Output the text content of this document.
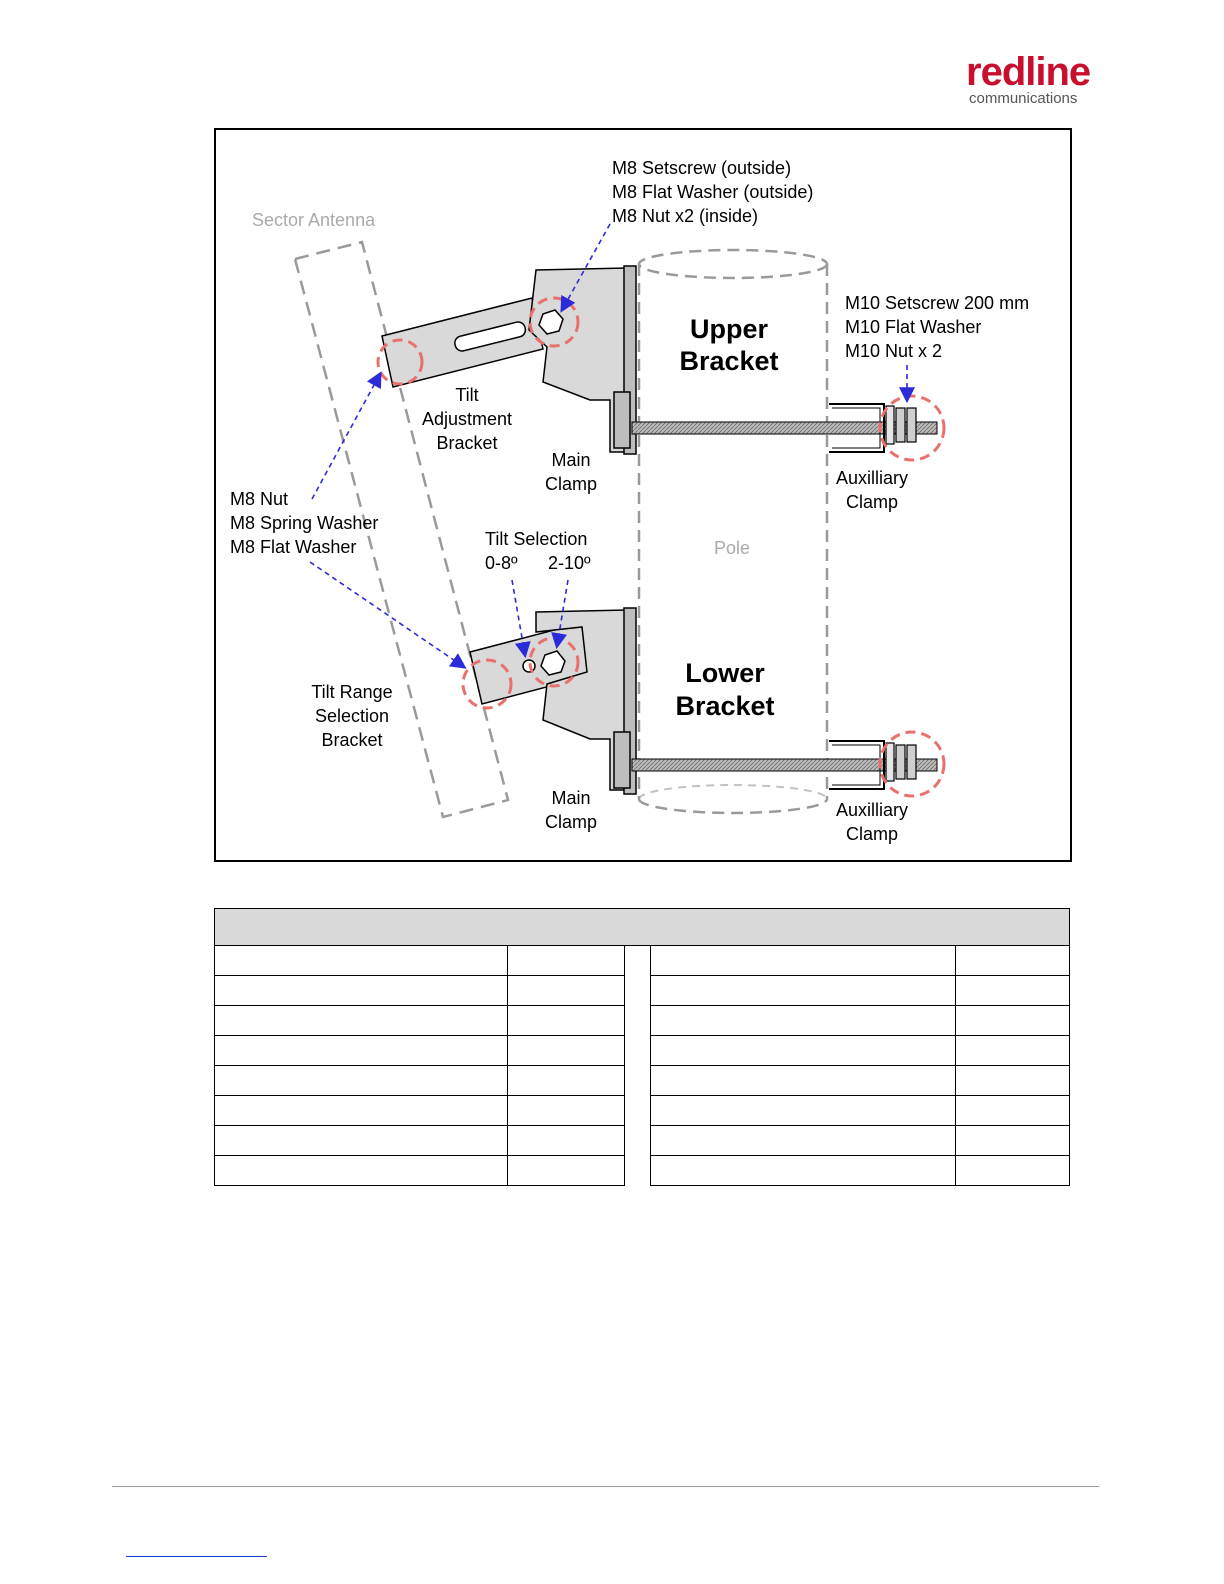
redline
communications
Sector Antenna
M8 Setscrew (outside)
M8 Flat Washer (outside)
M8 Nut x2 (inside)
Upper
Bracket
M10 Setscrew 200 mm
M10 Flat Washer
M10 Nut x 2
Tilt
Adjustment
Bracket
Main
Clamp	Auxilliary
Clamp
M8 Nut
M8 Spring Washer
M8 Flat Washer	Tilt Selection
0-8º 2-10º
Pole
Lower
Bracket
Tilt Range
Selection
Bracket
Main
Clamp
Auxilliary
Clamp
